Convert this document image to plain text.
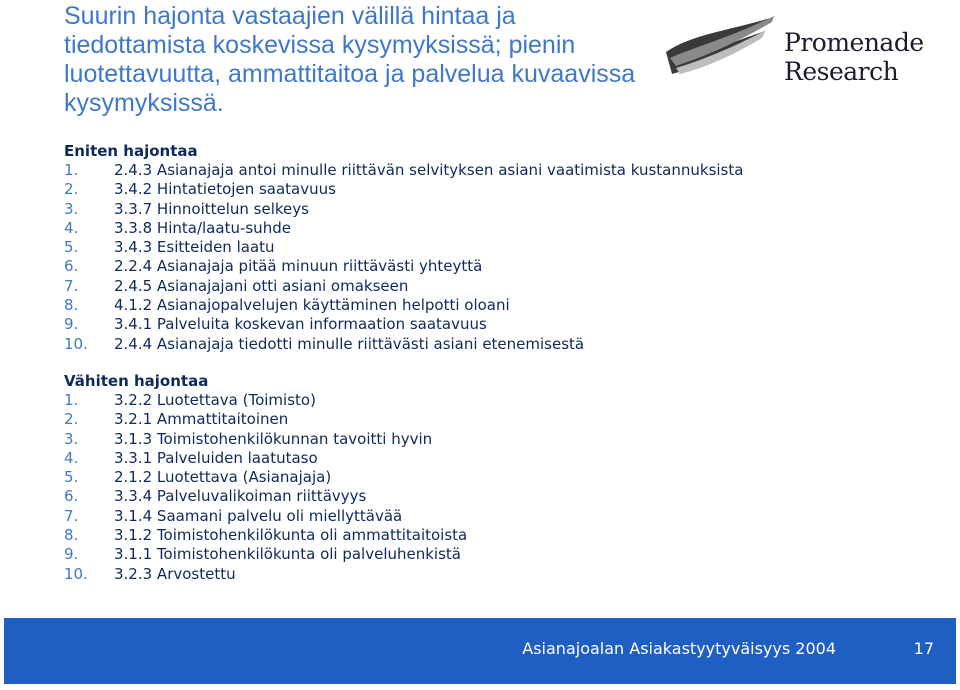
Suurin hajonta vastaajien välillä hintaa ja tiedottamista koskevissa kysymyksissä; pienin luotettavuutta, ammattitaitoa ja palvelua kuvaavissa kysymyksissä.
Promenade
Research
Eniten hajontaa
1. 2.4.3 Asianajaja antoi minulle riittävän selvityksen asiani vaatimista kustannuksista
2. 3.4.2 Hintatietojen saatavuus
3. 3.3.7 Hinnoittelun selkeys
4. 3.3.8 Hinta/laatu-suhde
5. 3.4.3 Esitteiden laatu
6. 2.2.4 Asianajaja pitää minuun riittävästi yhteyttä
7. 2.4.5 Asianajajani otti asiani omakseen
8. 4.1.2 Asianajopalvelujen käyttäminen helpotti oloani
9. 3.4.1 Palveluita koskevan informaation saatavuus
10. 2.4.4 Asianajaja tiedotti minulle riittävästi asiani etenemisestä
Vähiten hajontaa
1. 3.2.2 Luotettava (Toimisto)
2. 3.2.1 Ammattitaitoinen
3. 3.1.3 Toimistohenkilökunnan tavoitti hyvin
4. 3.3.1 Palveluiden laatutaso
5. 2.1.2 Luotettava (Asianajaja)
6. 3.3.4 Palveluvalikoiman riittävyys
7. 3.1.4 Saamani palvelu oli miellyttävää
8. 3.1.2 Toimistohenkilökunta oli ammattitaitoista
9. 3.1.1 Toimistohenkilökunta oli palveluhenkistä
10. 3.2.3 Arvostettu
Asianajoalan Asiakastyytyväisyys 2004	17
